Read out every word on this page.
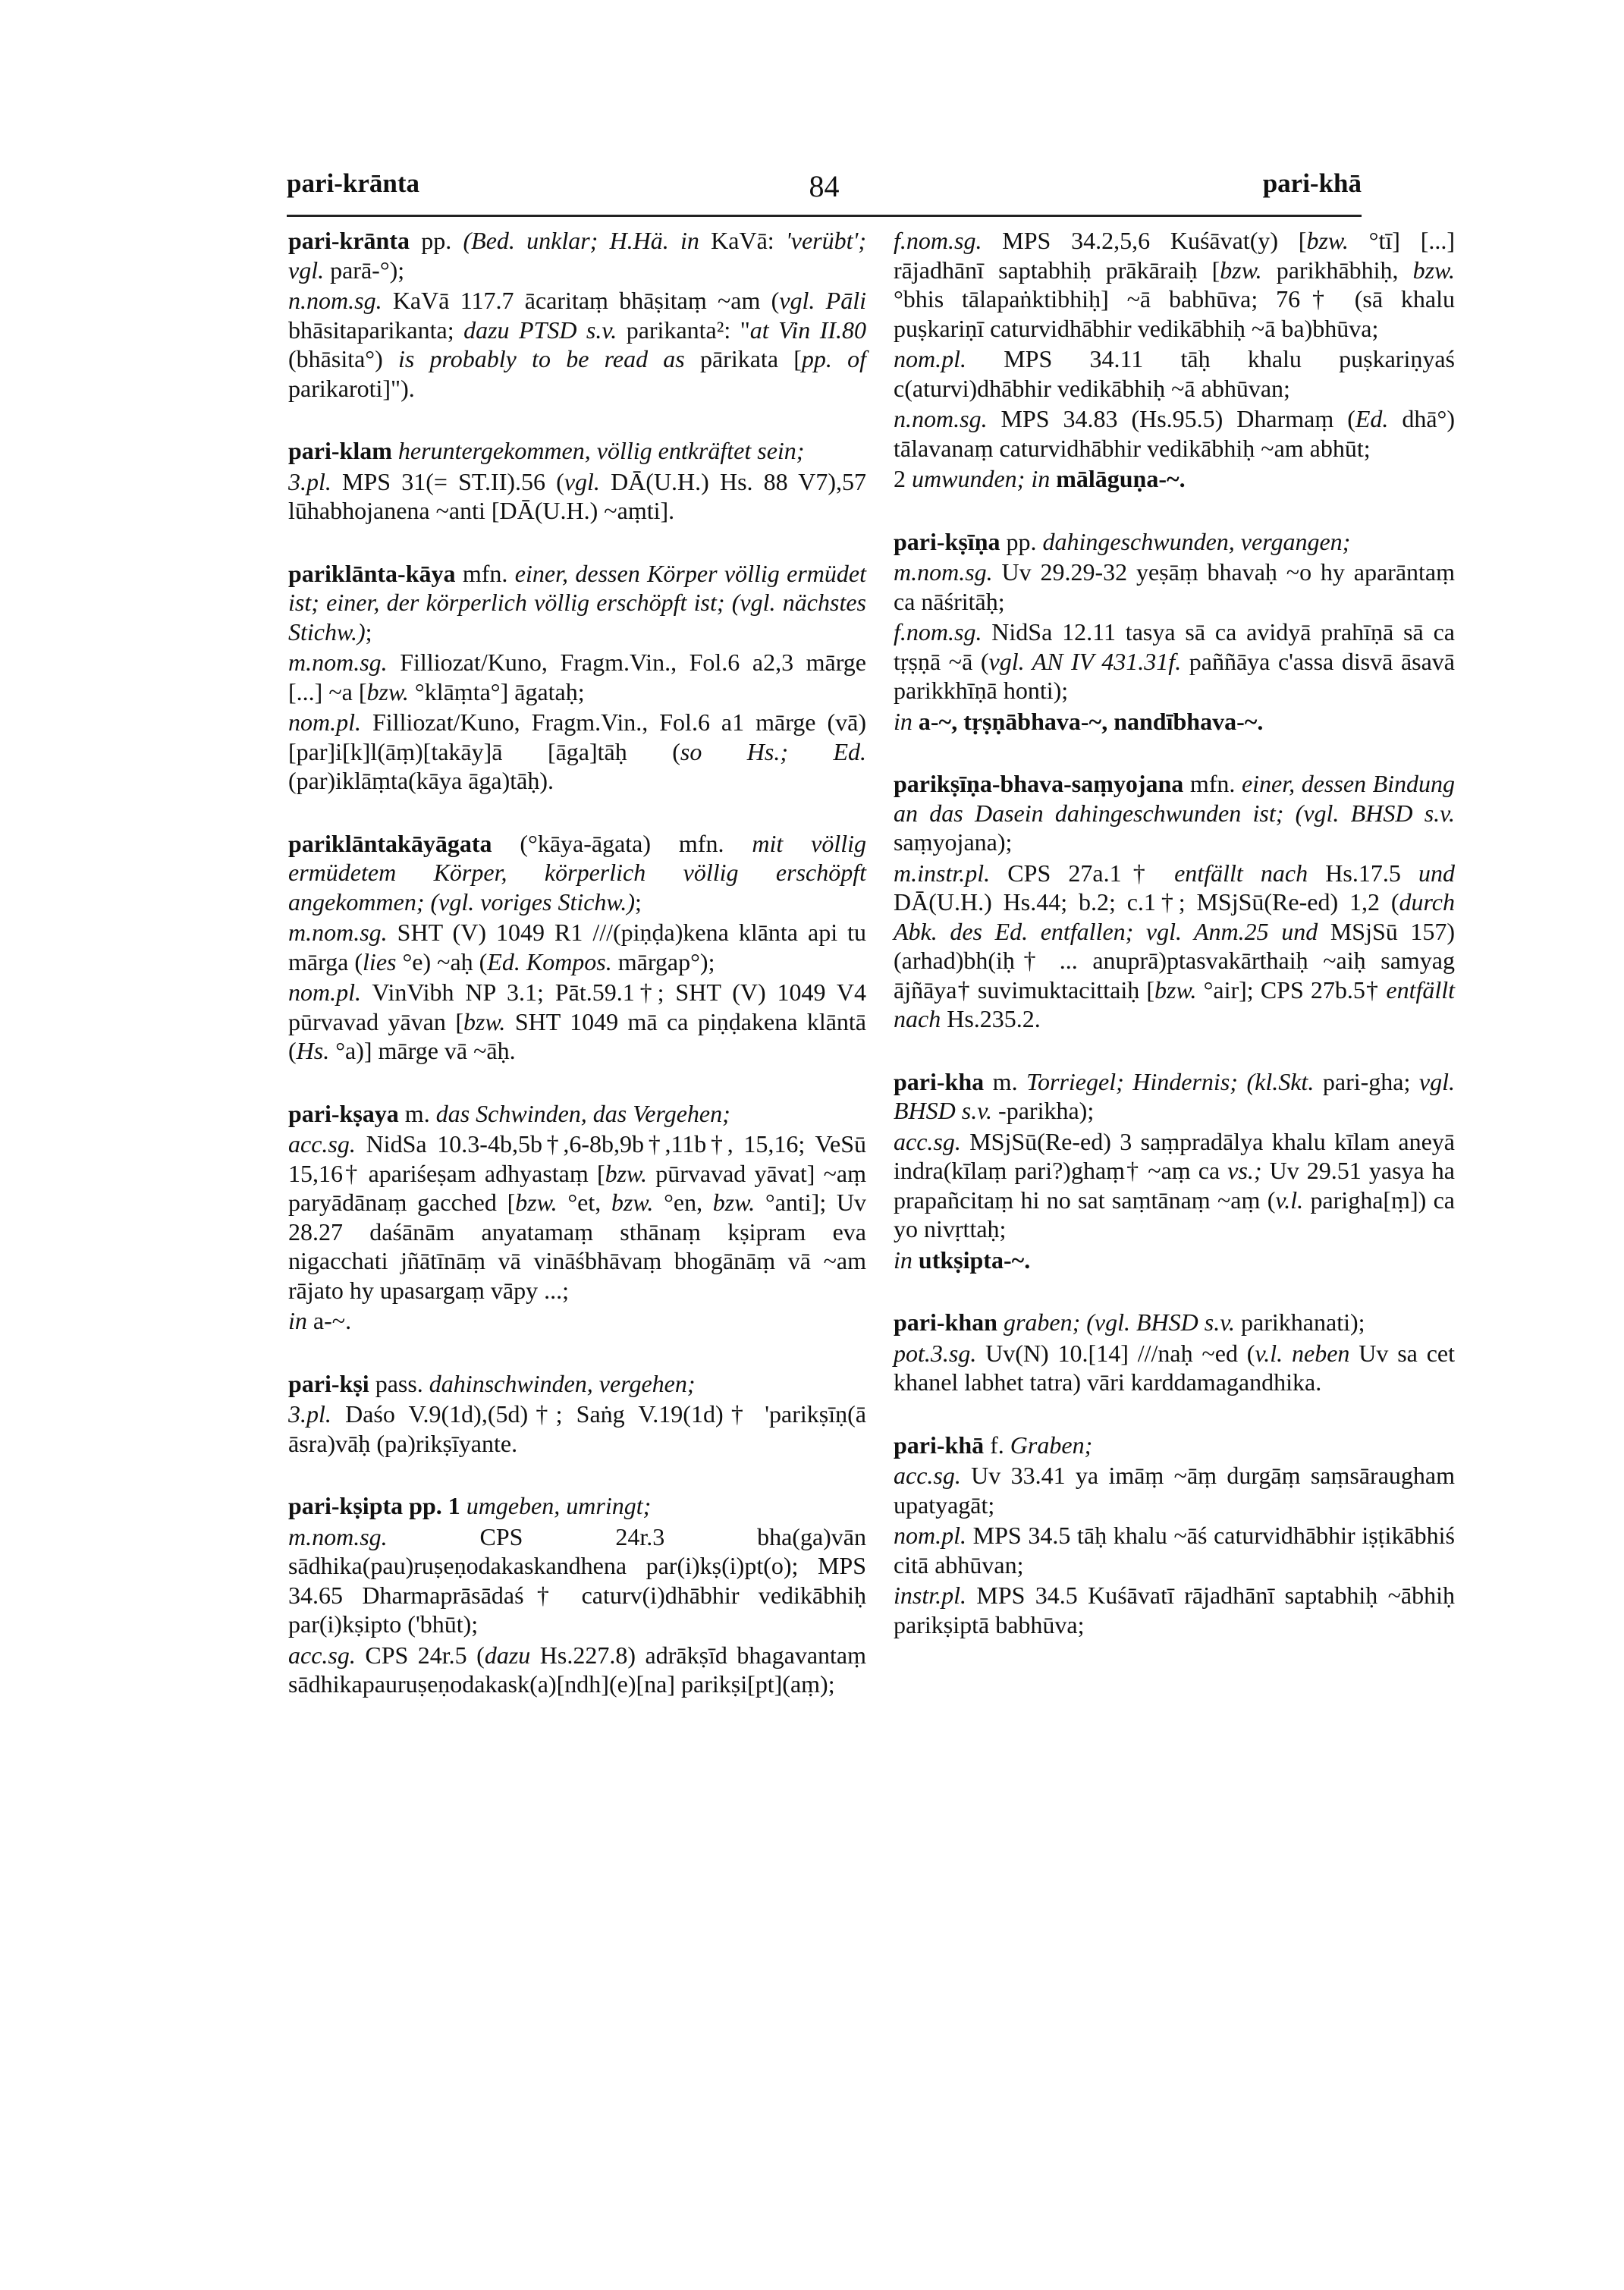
pari-krānta	84	pari-khā

pari-krānta pp. (Bed. unklar; H.Hä. in KaVā: 'verübt'; vgl. parā-°);

n.nom.sg. KaVā 117.7 ācaritaṃ bhāṣitaṃ ~am (vgl. Pāli bhāsitaparikanta; dazu PTSD s.v. parikanta²: "at Vin II.80 (bhāsita°) is probably to be read as pārikata [pp. of parikaroti]").

pari-klam heruntergekommen, völlig entkräftet sein;

3.pl. MPS 31(= ST.II).56 (vgl. DĀ(U.H.) Hs. 88 V7),57 lūhabhojanena ~anti [DĀ(U.H.) ~aṃti].

pariklānta-kāya mfn. einer, dessen Körper völlig ermüdet ist; einer, der körperlich völlig erschöpft ist; (vgl. nächstes Stichw.);

m.nom.sg. Filliozat/Kuno, Fragm.Vin., Fol.6 a2,3 mārge [...] ~a [bzw. °klāṃta°] āgataḥ;

nom.pl. Filliozat/Kuno, Fragm.Vin., Fol.6 a1 mārge (vā) [par]i[k]l(āṃ)[takāy]ā [āga]tāḥ (so Hs.; Ed. (par)iklāṃta(kāya āga)tāḥ).

pariklāntakāyāgata (°kāya-āgata) mfn. mit völlig ermüdetem Körper, körperlich völlig erschöpft angekommen; (vgl. voriges Stichw.);

m.nom.sg. SHT (V) 1049 R1 ///(piṇḍa)kena klānta api tu mārga (lies °e) ~aḥ (Ed. Kompos. mārgap°);

nom.pl. VinVibh NP 3.1; Pāt.59.1†; SHT (V) 1049 V4 pūrvavad yāvan [bzw. SHT 1049 mā ca piṇḍakena klāntā (Hs. °a)] mārge vā ~āḥ.

pari-kṣaya m. das Schwinden, das Vergehen;

acc.sg. NidSa 10.3-4b,5b†,6-8b,9b†,11b†, 15,16; VeSū 15,16† apariśeṣam adhyastaṃ [bzw. pūrvavad yāvat] ~aṃ paryādānaṃ gacched [bzw. °et, bzw. °en, bzw. °anti]; Uv 28.27 daśānām anyatamaṃ sthānaṃ kṣipram eva nigacchati jñātīnāṃ vā vināśbhāvaṃ bhogānāṃ vā ~am rājato hy upasargaṃ vāpy ...;

in a-~.

pari-kṣi pass. dahinschwinden, vergehen;

3.pl. Daśo V.9(1d),(5d)†; Saṅg V.19(1d)† 'parikṣīṇ(ā āsra)vāḥ (pa)rikṣīyante.

pari-kṣipta pp. 1 umgeben, umringt;

m.nom.sg. CPS 24r.3 bha(ga)vān sādhika(pau)ruṣeṇodakaskandhena par(i)kṣ(i)pt(o); MPS 34.65 Dharmaprāsādaś† caturv(i)dhābhir vedikābhiḥ par(i)kṣipto ('bhūt);

acc.sg. CPS 24r.5 (dazu Hs.227.8) adrākṣīd bhagavantaṃ sādhikapauruṣeṇodakask(a)[ndh](e)[na] parikṣi[pt](aṃ);

f.nom.sg. MPS 34.2,5,6 Kuśāvat(y) [bzw. °tī] [...] rājadhānī saptabhiḥ prākāraiḥ [bzw. parikhābhiḥ, bzw. °bhis tālapaṅktibhiḥ] ~ā babhūva; 76† (sā khalu puṣkariṇī caturvidhābhir vedikābhiḥ ~ā ba)bhūva;

nom.pl. MPS 34.11 tāḥ khalu puṣkariṇyaś c(aturvi)dhābhir vedikābhiḥ ~ā abhūvan;

n.nom.sg. MPS 34.83 (Hs.95.5) Dharmaṃ (Ed. dhā°) tālavanaṃ caturvidhābhir vedikābhiḥ ~am abhūt;

2 umwunden; in mālāguṇa-~.

pari-kṣīṇa pp. dahingeschwunden, vergangen;

m.nom.sg. Uv 29.29-32 yeṣāṃ bhavaḥ ~o hy aparāntaṃ ca nāśritāḥ;

f.nom.sg. NidSa 12.11 tasya sā ca avidyā prahīṇā sā ca tṛṣṇā ~ā (vgl. AN IV 431.31f. paññāya c'assa disvā āsavā parikkhīṇā honti);

in a-~, tṛṣṇābhava-~, nandībhava-~.

parikṣīṇa-bhava-saṃyojana mfn. einer, dessen Bindung an das Dasein dahingeschwunden ist; (vgl. BHSD s.v. saṃyojana);

m.instr.pl. CPS 27a.1† entfällt nach Hs.17.5 und DĀ(U.H.) Hs.44; b.2; c.1†; MSjSū(Re-ed) 1,2 (durch Abk. des Ed. entfallen; vgl. Anm.25 und MSjSū 157) (arhad)bh(iḥ† ... anuprā)ptasvakārthaiḥ ~aiḥ samyag ājñāya† suvimuktacittaiḥ [bzw. °air]; CPS 27b.5† entfällt nach Hs.235.2.

pari-kha m. Torriegel; Hindernis; (kl.Skt. pari-gha; vgl. BHSD s.v. -parikha);

acc.sg. MSjSū(Re-ed) 3 saṃpradālya khalu kīlam aneyā indra(kīlaṃ pari?)ghaṃ† ~aṃ ca vs.; Uv 29.51 yasya ha prapañcitaṃ hi no sat saṃtānaṃ ~aṃ (v.l. parigha[ṃ]) ca yo nivṛttaḥ;

in utkṣipta-~.

pari-khan graben; (vgl. BHSD s.v. parikhanati);

pot.3.sg. Uv(N) 10.[14] ///naḥ ~ed (v.l. neben Uv sa cet khanel labhet tatra) vāri karddamagandhika.

pari-khā f. Graben;

acc.sg. Uv 33.41 ya imāṃ ~āṃ durgāṃ saṃsāraugham upatyagāt;

nom.pl. MPS 34.5 tāḥ khalu ~āś caturvidhābhir iṣṭikābhiś citā abhūvan;

instr.pl. MPS 34.5 Kuśāvatī rājadhānī saptabhiḥ ~ābhiḥ parikṣiptā babhūva;
